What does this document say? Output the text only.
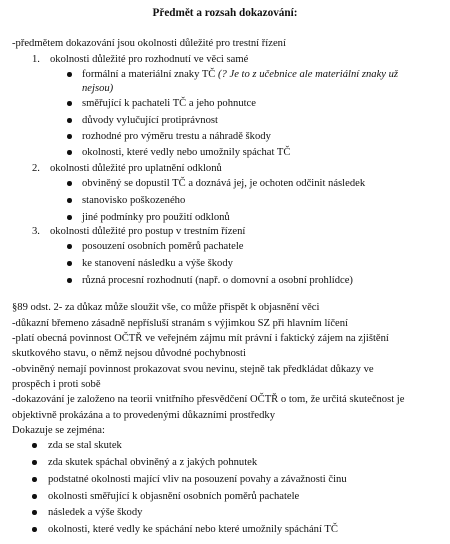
Předmět a rozsah dokazování:
-předmětem dokazování jsou okolnosti důležité pro trestní řízení
1. okolnosti důležité pro rozhodnutí ve věci samé
formální a materiální znaky TČ (? Je to z učebnice ale materiální znaky už
nejsou)
směřující k pachateli TČ a jeho pohnutce
důvody vylučující protiprávnost
rozhodné pro výměru trestu a náhradě škody
okolnosti, které vedly nebo umožnily spáchat TČ
2. okolnosti důležité pro uplatnění odklonů
obviněný se dopustil TČ a doznává jej, je ochoten odčinit následek
stanovisko poškozeného
jiné podmínky pro použití odklonů
3. okolnosti důležité pro postup v trestním řízení
posouzení osobních poměrů pachatele
ke stanovení následku a výše škody
různá procesní rozhodnutí (např. o domovní a osobní prohlídce)
§89 odst. 2- za důkaz může sloužit vše, co může přispět k objasnění věci
-důkazní břemeno zásadně nepřísluší stranám s výjimkou SZ při hlavním líčení
-platí obecná povinnost OČTŘ ve veřejném zájmu mít právní i faktický zájem na zjištění
skutkového stavu, o němž nejsou důvodné pochybnosti
-obviněný nemají povinnost prokazovat svou nevinu, stejně tak předkládat důkazy ve
prospěch i proti sobě
-dokazování je založeno na teorii vnitřního přesvědčení OČTŘ o tom, že určitá skutečnost je
objektivně prokázána a to provedenými důkazními prostředky
Dokazuje se zejména:
zda se stal skutek
zda skutek spáchal obviněný a z jakých pohnutek
podstatné okolnosti mající vliv na posouzení povahy a závažnosti činu
okolnosti směřující k objasnění osobních poměrů pachatele
následek a výše škody
okolnosti, které vedly ke spáchání nebo které umožnily spáchání TČ
